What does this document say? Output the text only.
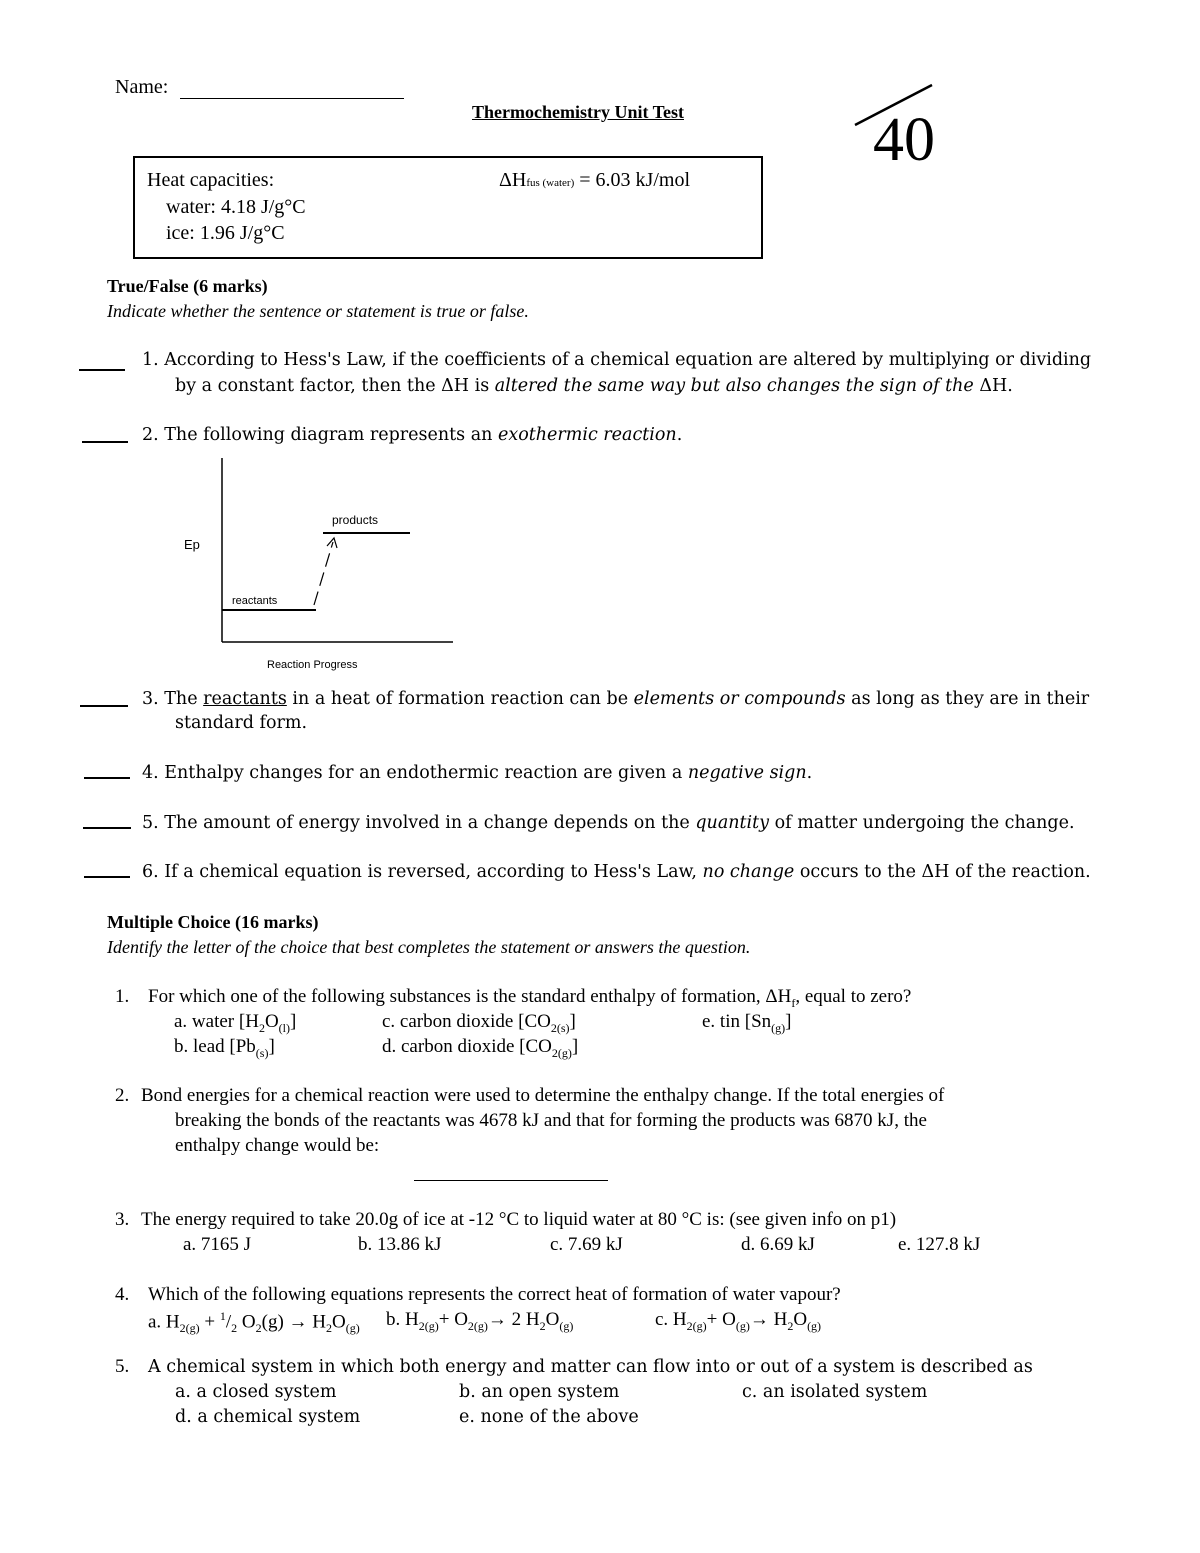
Name:
Thermochemistry Unit Test	40
Heat capacities:
water: 4.18 J/g°C
ice: 1.96 J/g°C
ΔHfus (water) = 6.03 kJ/mol
True/False (6 marks)
Indicate whether the sentence or statement is true or false.
1. According to Hess's Law, if the coefficients of a chemical equation are altered by multiplying or dividing
by a constant factor, then the ΔH is altered the same way but also changes the sign of the ΔH.
2. The following diagram represents an exothermic reaction.
Ep
products
reactants
Reaction Progress
3. The reactants in a heat of formation reaction can be elements or compounds as long as they are in their
standard form.
4. Enthalpy changes for an endothermic reaction are given a negative sign.
5. The amount of energy involved in a change depends on the quantity of matter undergoing the change.
6. If a chemical equation is reversed, according to Hess's Law, no change occurs to the ΔH of the reaction.
Multiple Choice (16 marks)
Identify the letter of the choice that best completes the statement or answers the question.
1. For which one of the following substances is the standard enthalpy of formation, $\Delta H_f$, equal to zero?
a. water $[H_2O_{(l)}]$	c. carbon dioxide $[CO_{2(s)}]$	e. tin $[Sn_{(g)}]$
b. lead $[Pb_{(s)}]$	d. carbon dioxide $[CO_{2(g)}]$
2. Bond energies for a chemical reaction were used to determine the enthalpy change. If the total energies of
breaking the bonds of the reactants was 4678 kJ and that for forming the products was 6870 kJ, the
enthalpy change would be:
3. The energy required to take 20.0g of ice at -12 °C to liquid water at 80 °C is: (see given info on p1)
a. 7165 J	b. 13.86 kJ	c. 7.69 kJ	d. 6.69 kJ	e. 127.8 kJ
4. Which of the following equations represents the correct heat of formation of water vapour?
a. $H_{2(g)} + ^1/_2$ $O_2(g) \to H_2O_{(g)}$ b. $H_{2(g)}+ O_{2(g)}\to 2$ $H_2O_{(g)}$	c. $H_{2(g)}+ O_{(g)}\to H_2O_{(g)}$
5. A chemical system in which both energy and matter can flow into or out of a system is described as
a. a closed system	b. an open system	c. an isolated system
d. a chemical system	e. none of the above
